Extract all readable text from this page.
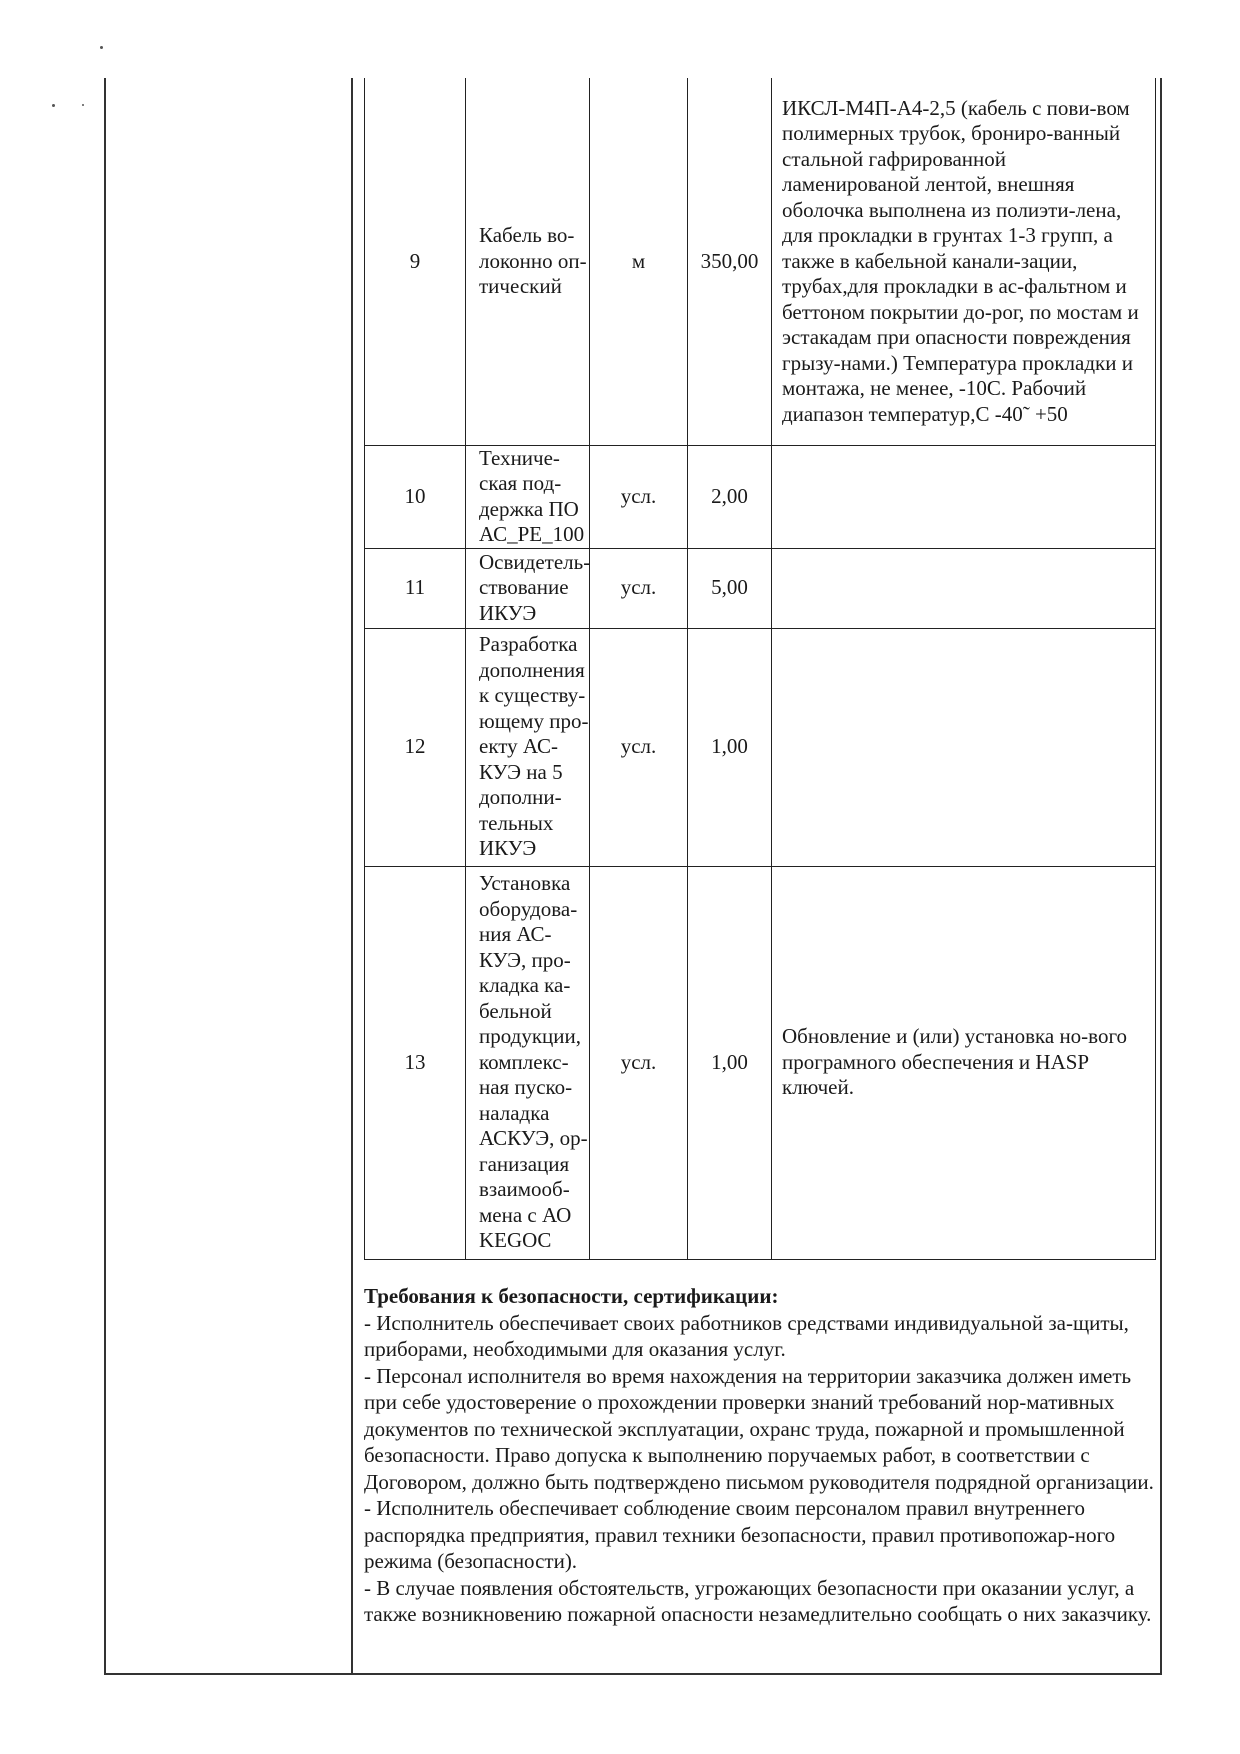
9	Кабель во-локонно оп-тический	м	350,00	ИКСЛ-М4П-А4-2,5 (кабель с пови-вом полимерных трубок, брониро-ванный стальной гафрированной ламенированой лентой, внешняя оболочка выполнена из полиэти-лена, для прокладки в грунтах 1-3 групп, а также в кабельной канали-зации, трубах,для прокладки в ас-фальтном и беттоном покрытии до-рог, по мостам и эстакадам при опасности повреждения грызу-нами.) Температура прокладки и монтажа, не менее, -10С. Рабочий диапазон температур,С -40˜ +50
10	Техниче-ская под-держка ПО АС_PE_100	усл.	2,00	
11	Освидетель-ствование ИКУЭ	усл.	5,00	
12	Разработка дополнения к существу-ющему про-екту АС-КУЭ на 5 дополни-тельных ИКУЭ	усл.	1,00	
13	Установка оборудова-ния АС-КУЭ, про-кладка ка-бельной продукции, комплекс-ная пуско-наладка АСКУЭ, ор-ганизация взаимооб-мена с АО KEGOC	усл.	1,00	Обновление и (или) установка но-вого програмного обеспечения и HASP ключей.

Требования к безопасности, сертификации:

- Исполнитель обеспечивает своих работников средствами индивидуальной за-щиты, приборами, необходимыми для оказания услуг.

- Персонал исполнителя во время нахождения на территории заказчика должен иметь при себе удостоверение о прохождении проверки знаний требований нор-мативных документов по технической эксплуатации, охранс труда, пожарной и промышленной безопасности. Право допуска к выполнению поручаемых работ, в соответствии с Договором, должно быть подтверждено письмом руководителя подрядной организации.

- Исполнитель обеспечивает соблюдение своим персоналом правил внутреннего распорядка предприятия, правил техники безопасности, правил противопожар-ного режима (безопасности).

- В случае появления обстоятельств, угрожающих безопасности при оказании услуг, а также возникновению пожарной опасности незамедлительно сообщать о них заказчику.
